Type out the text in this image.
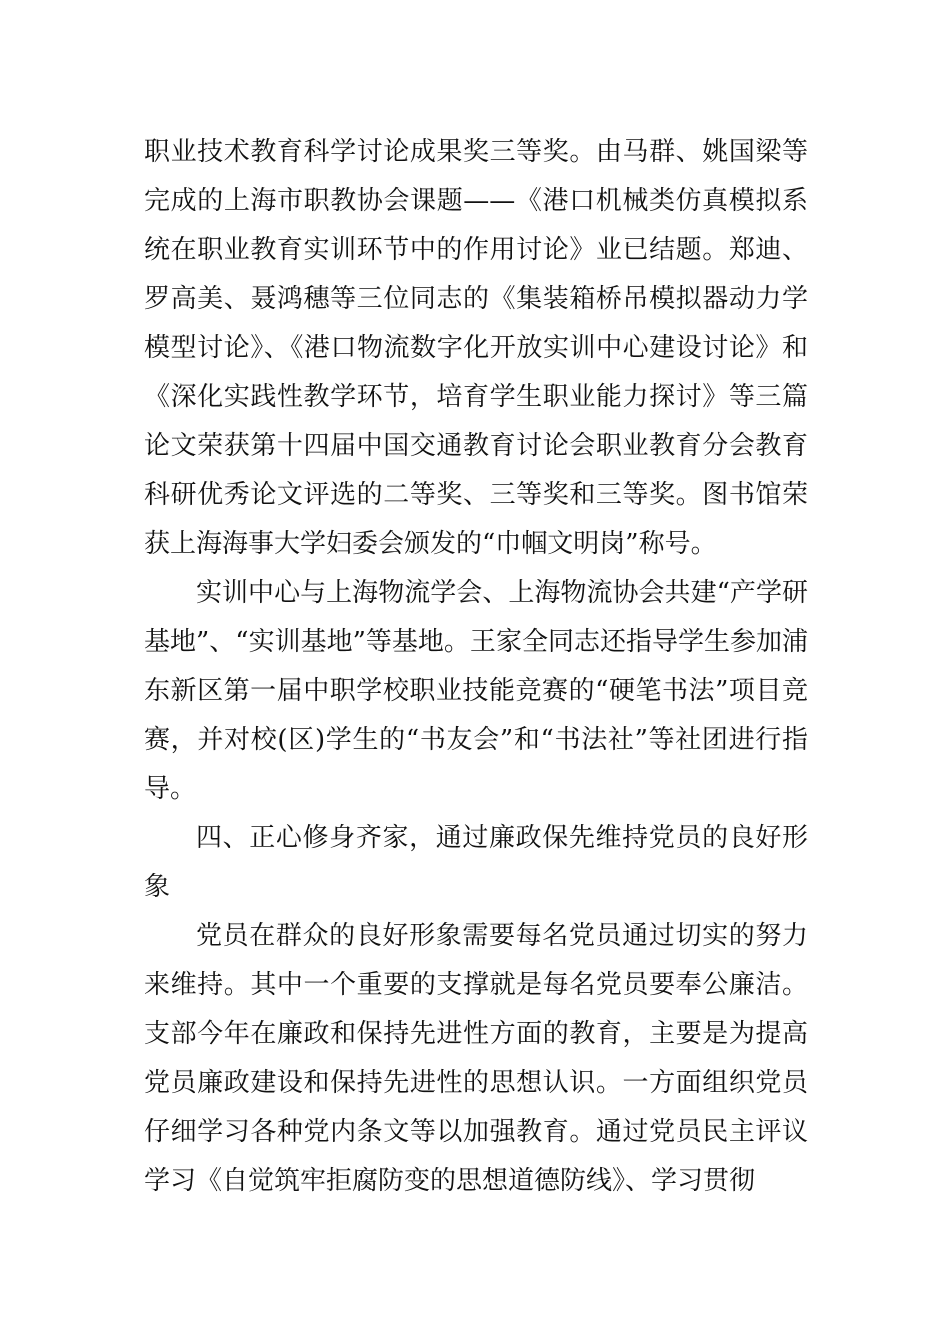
职业技术教育科学讨论成果奖三等奖。由马群、姚国梁等完成的上海市职教协会课题——《港口机械类仿真模拟系统在职业教育实训环节中的作用讨论》业已结题。郑迪、罗高美、聂鸿穗等三位同志的《集装箱桥吊模拟器动力学模型讨论》、《港口物流数字化开放实训中心建设讨论》和《深化实践性教学环节，培育学生职业能力探讨》等三篇论文荣获第十四届中国交通教育讨论会职业教育分会教育科研优秀论文评选的二等奖、三等奖和三等奖。图书馆荣获上海海事大学妇委会颁发的“巾帼文明岗”称号。

实训中心与上海物流学会、上海物流协会共建“产学研基地”、“实训基地”等基地。王家全同志还指导学生参加浦东新区第一届中职学校职业技能竞赛的“硬笔书法”项目竞赛，并对校(区)学生的“书友会”和“书法社”等社团进行指导。

四、正心修身齐家，通过廉政保先维持党员的良好形象

党员在群众的良好形象需要每名党员通过切实的努力来维持。其中一个重要的支撑就是每名党员要奉公廉洁。支部今年在廉政和保持先进性方面的教育，主要是为提高党员廉政建设和保持先进性的思想认识。一方面组织党员仔细学习各种党内条文等以加强教育。通过党员民主评议学习《自觉筑牢拒腐防变的思想道德防线》、学习贯彻
